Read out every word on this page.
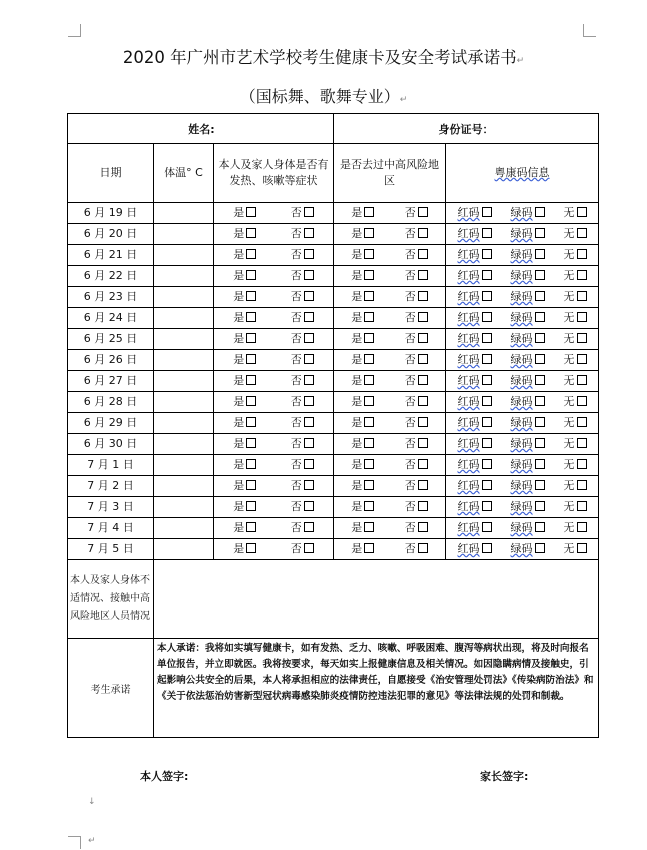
2020 年广州市艺术学校考生健康卡及安全考试承诺书↵
（国标舞、歌舞专业）↵
姓名:			身份证号：	
日期	体温° C	本人及家人身体是否有发热、咳嗽等症状	是否去过中高风险地区	粤康码信息
6 月 19 日		是 否	是 否	红码 绿码 无

6 月 20 日		是 否	是 否	红码 绿码 无

6 月 21 日		是 否	是 否	红码 绿码 无

6 月 22 日		是 否	是 否	红码 绿码 无

6 月 23 日		是 否	是 否	红码 绿码 无

6 月 24 日		是 否	是 否	红码 绿码 无

6 月 25 日		是 否	是 否	红码 绿码 无

6 月 26 日		是 否	是 否	红码 绿码 无

6 月 27 日		是 否	是 否	红码 绿码 无

6 月 28 日		是 否	是 否	红码 绿码 无

6 月 29 日		是 否	是 否	红码 绿码 无

6 月 30 日		是 否	是 否	红码 绿码 无

7 月 1 日		是 否	是 否	红码 绿码 无

7 月 2 日		是 否	是 否	红码 绿码 无

7 月 3 日		是 否	是 否	红码 绿码 无

7 月 4 日		是 否	是 否	红码 绿码 无

7 月 5 日		是 否	是 否	红码 绿码 无

本人及家人身体不适情况、接触中高风险地区人员情况				
考生承诺	本人承诺：我将如实填写健康卡，如有发热、乏力、咳嗽、呼吸困难、腹泻等病状出现，将及时向报名单位报告，并立即就医。我将按要求，每天如实上报健康信息及相关情况。如因隐瞒病情及接触史，引起影响公共安全的后果，本人将承担相应的法律责任，自愿接受《治安管理处罚法》《传染病防治法》和《关于依法惩治妨害新型冠状病毒感染肺炎疫情防控违法犯罪的意见》等法律法规的处罚和制裁。			
本人签字:	家长签字:
↓
↵
